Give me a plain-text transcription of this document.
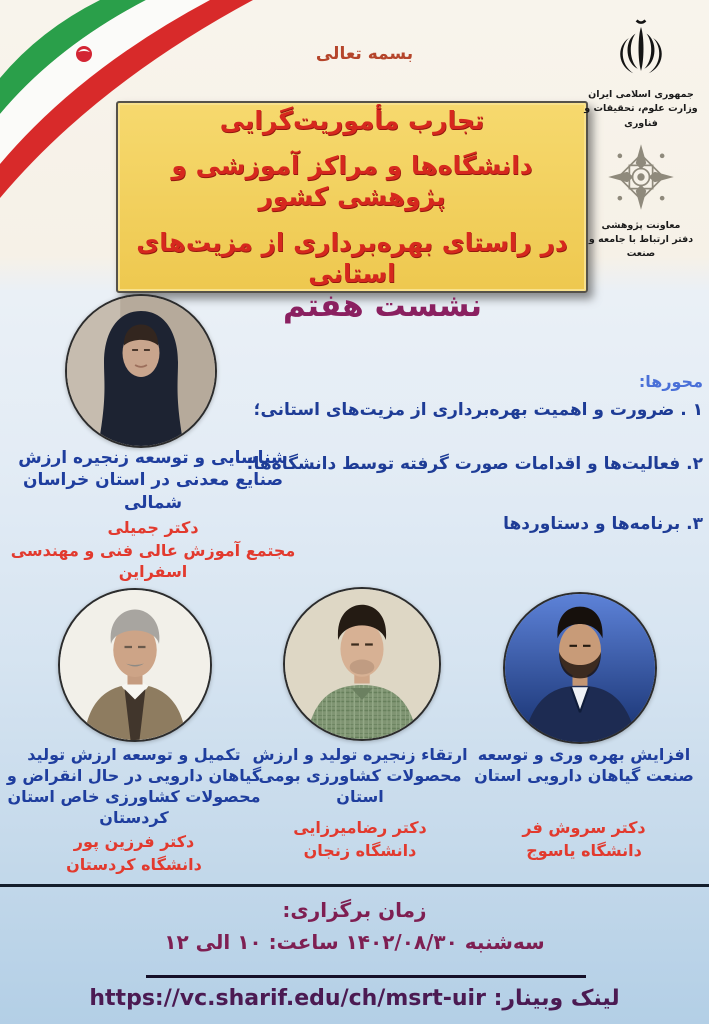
بسمه تعالی
تجارب مأموریت‌گرایی
دانشگاه‌ها و مراکز آموزشی و پژوهشی کشور
در راستای بهره‌برداری از مزیت‌های استانی
جمهوری اسلامی ایران
وزارت علوم، تحقیقات و فناوری
معاونت پژوهشی
دفتر ارتباط با جامعه و صنعت
نشست هفتم
شناسایی و توسعه زنجیره ارزش صنایع معدنی در استان خراسان شمالی
دکتر جمیلی
مجتمع آموزش عالی فنی و مهندسی اسفراین
محورها:
۱ . ضرورت و اهمیت بهره‌برداری از مزیت‌های استانی؛
۲. فعالیت‌ها و اقدامات صورت گرفته توسط دانشگاه‌ها؛
۳. برنامه‌ها و دستاوردها
تکمیل و توسعه ارزش تولید گیاهان دارویی در حال انقراض و محصولات کشاورزی خاص استان کردستان
دکتر فرزین پور
دانشگاه کردستان
ارتقاء زنجیره تولید و ارزش محصولات کشاورزی بومی استان
دکتر رضامیرزایی
دانشگاه زنجان
افزایش بهره وری و توسعه صنعت گیاهان دارویی استان
دکتر سروش فر
دانشگاه یاسوج
زمان برگزاری:
سه‌شنبه ۱۴۰۲/۰۸/۳۰ ساعت: ۱۰ الی ۱۲
لینک وبینار: https://vc.sharif.edu/ch/msrt-uir
